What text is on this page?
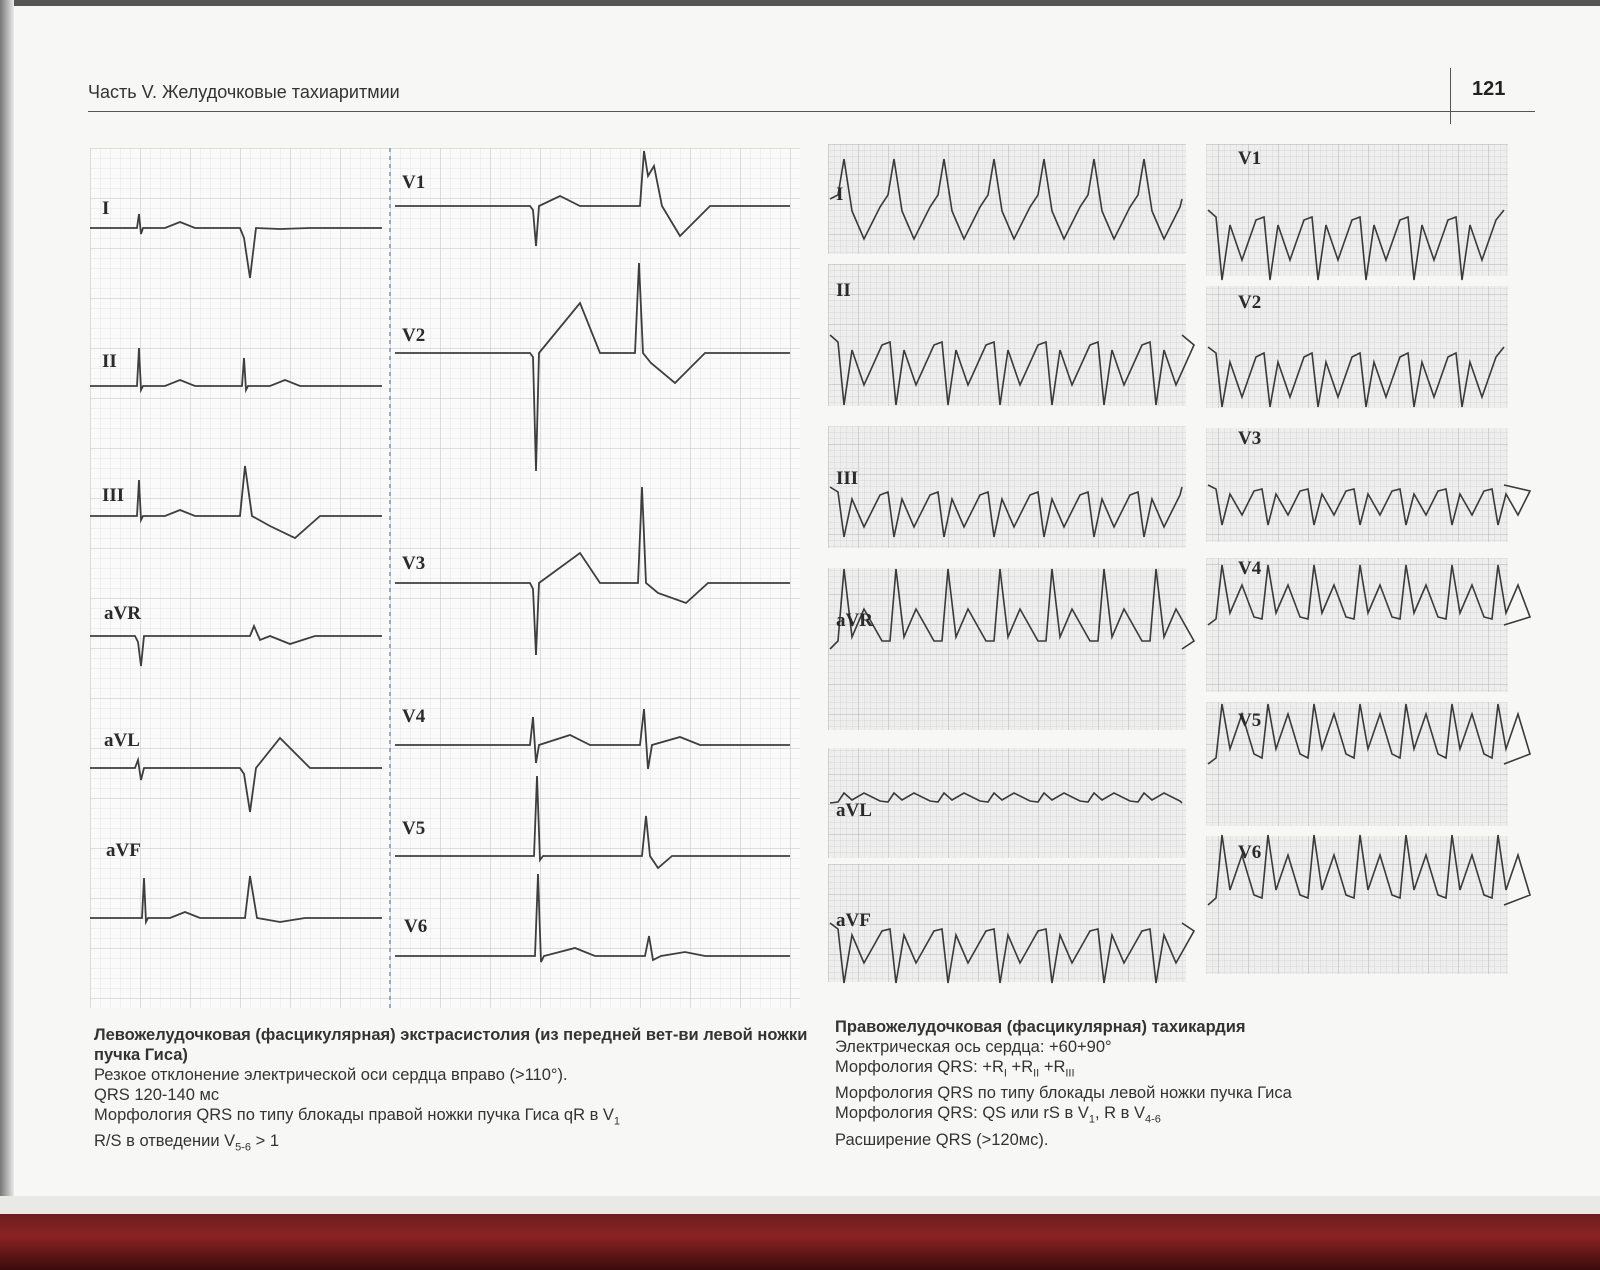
Часть V. Желудочковые тахиаритмии	121
I
II
III
aVR
aVL
aVF
V1
V2
V3
V4
V5
V6
I
II
III
aVR
aVL
aVF
V1
V2
V3
V4
V5
V6
Левожелудочковая (фасцикулярная) экстрасистолия (из передней вет-ви левой ножки пучка Гиса)
Резкое отклонение электрической оси сердца вправо (>110°).
QRS 120-140 мс
Морфология QRS по типу блокады правой ножки пучка Гиса qR в $V_1$
R/S в отведении $V_{5-6} > 1$
Правожелудочковая (фасцикулярная) тахикардия
Электрическая ось сердца: +60+90°
Морфология QRS: $+R_I +R_{II} +R_{III}$
Морфология QRS по типу блокады левой ножки пучка Гиса
Морфология QRS: QS или rS в $V_1$, R в $V_{4-6}$
Расширение QRS (>120мс).
